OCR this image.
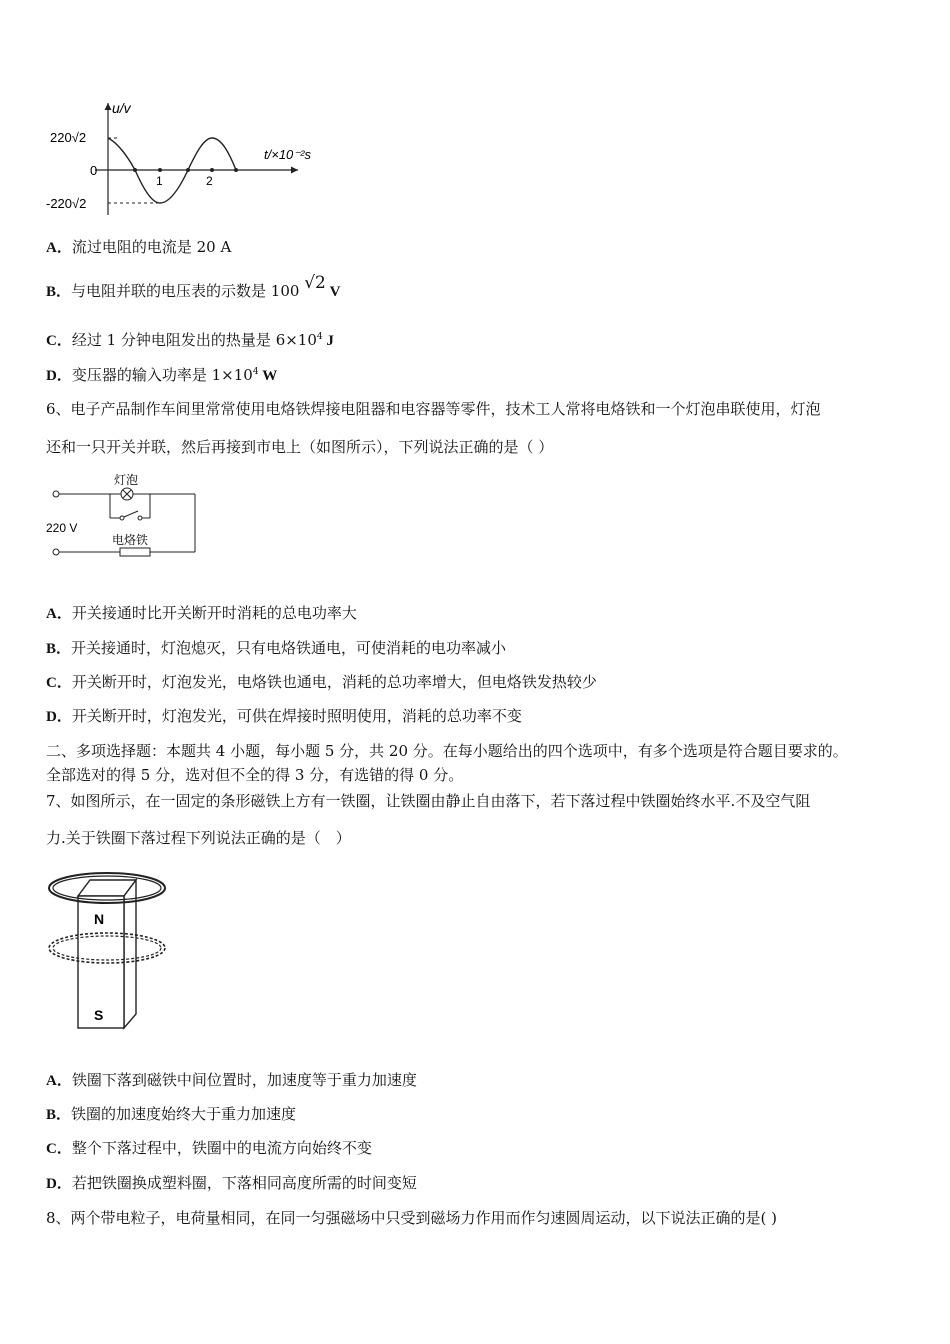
u/v
t/×10⁻²s
220√2
0
-220√2
1	2
A．流过电阻的电流是 20 A
B．与电阻并联的电压表的示数是 100 √2 V
C．经过 1 分钟电阻发出的热量是 $6\times 10^4$ J
D．变压器的输入功率是 $1\times 10^4$ W
6、电子产品制作车间里常常使用电烙铁焊接电阻器和电容器等零件，技术工人常将电烙铁和一个灯泡串联使用，灯泡
还和一只开关并联，然后再接到市电上（如图所示），下列说法正确的是（ ）
灯泡
220 V
电烙铁
A．开关接通时比开关断开时消耗的总电功率大
B．开关接通时，灯泡熄灭，只有电烙铁通电，可使消耗的电功率减小
C．开关断开时，灯泡发光，电烙铁也通电，消耗的总功率增大，但电烙铁发热较少
D．开关断开时，灯泡发光，可供在焊接时照明使用，消耗的总功率不变
二、多项选择题：本题共 4 小题，每小题 5 分，共 20 分。在每小题给出的四个选项中，有多个选项是符合题目要求的。
全部选对的得 5 分，选对但不全的得 3 分，有选错的得 0 分。
7、如图所示，在一固定的条形磁铁上方有一铁圈，让铁圈由静止自由落下，若下落过程中铁圈始终水平.不及空气阻
力.关于铁圈下落过程下列说法正确的是（　）
N
S
A．铁圈下落到磁铁中间位置时，加速度等于重力加速度
B．铁圈的加速度始终大于重力加速度
C．整个下落过程中，铁圈中的电流方向始终不变
D．若把铁圈换成塑料圈，下落相同高度所需的时间变短
8、两个带电粒子，电荷量相同，在同一匀强磁场中只受到磁场力作用而作匀速圆周运动，以下说法正确的是( )
